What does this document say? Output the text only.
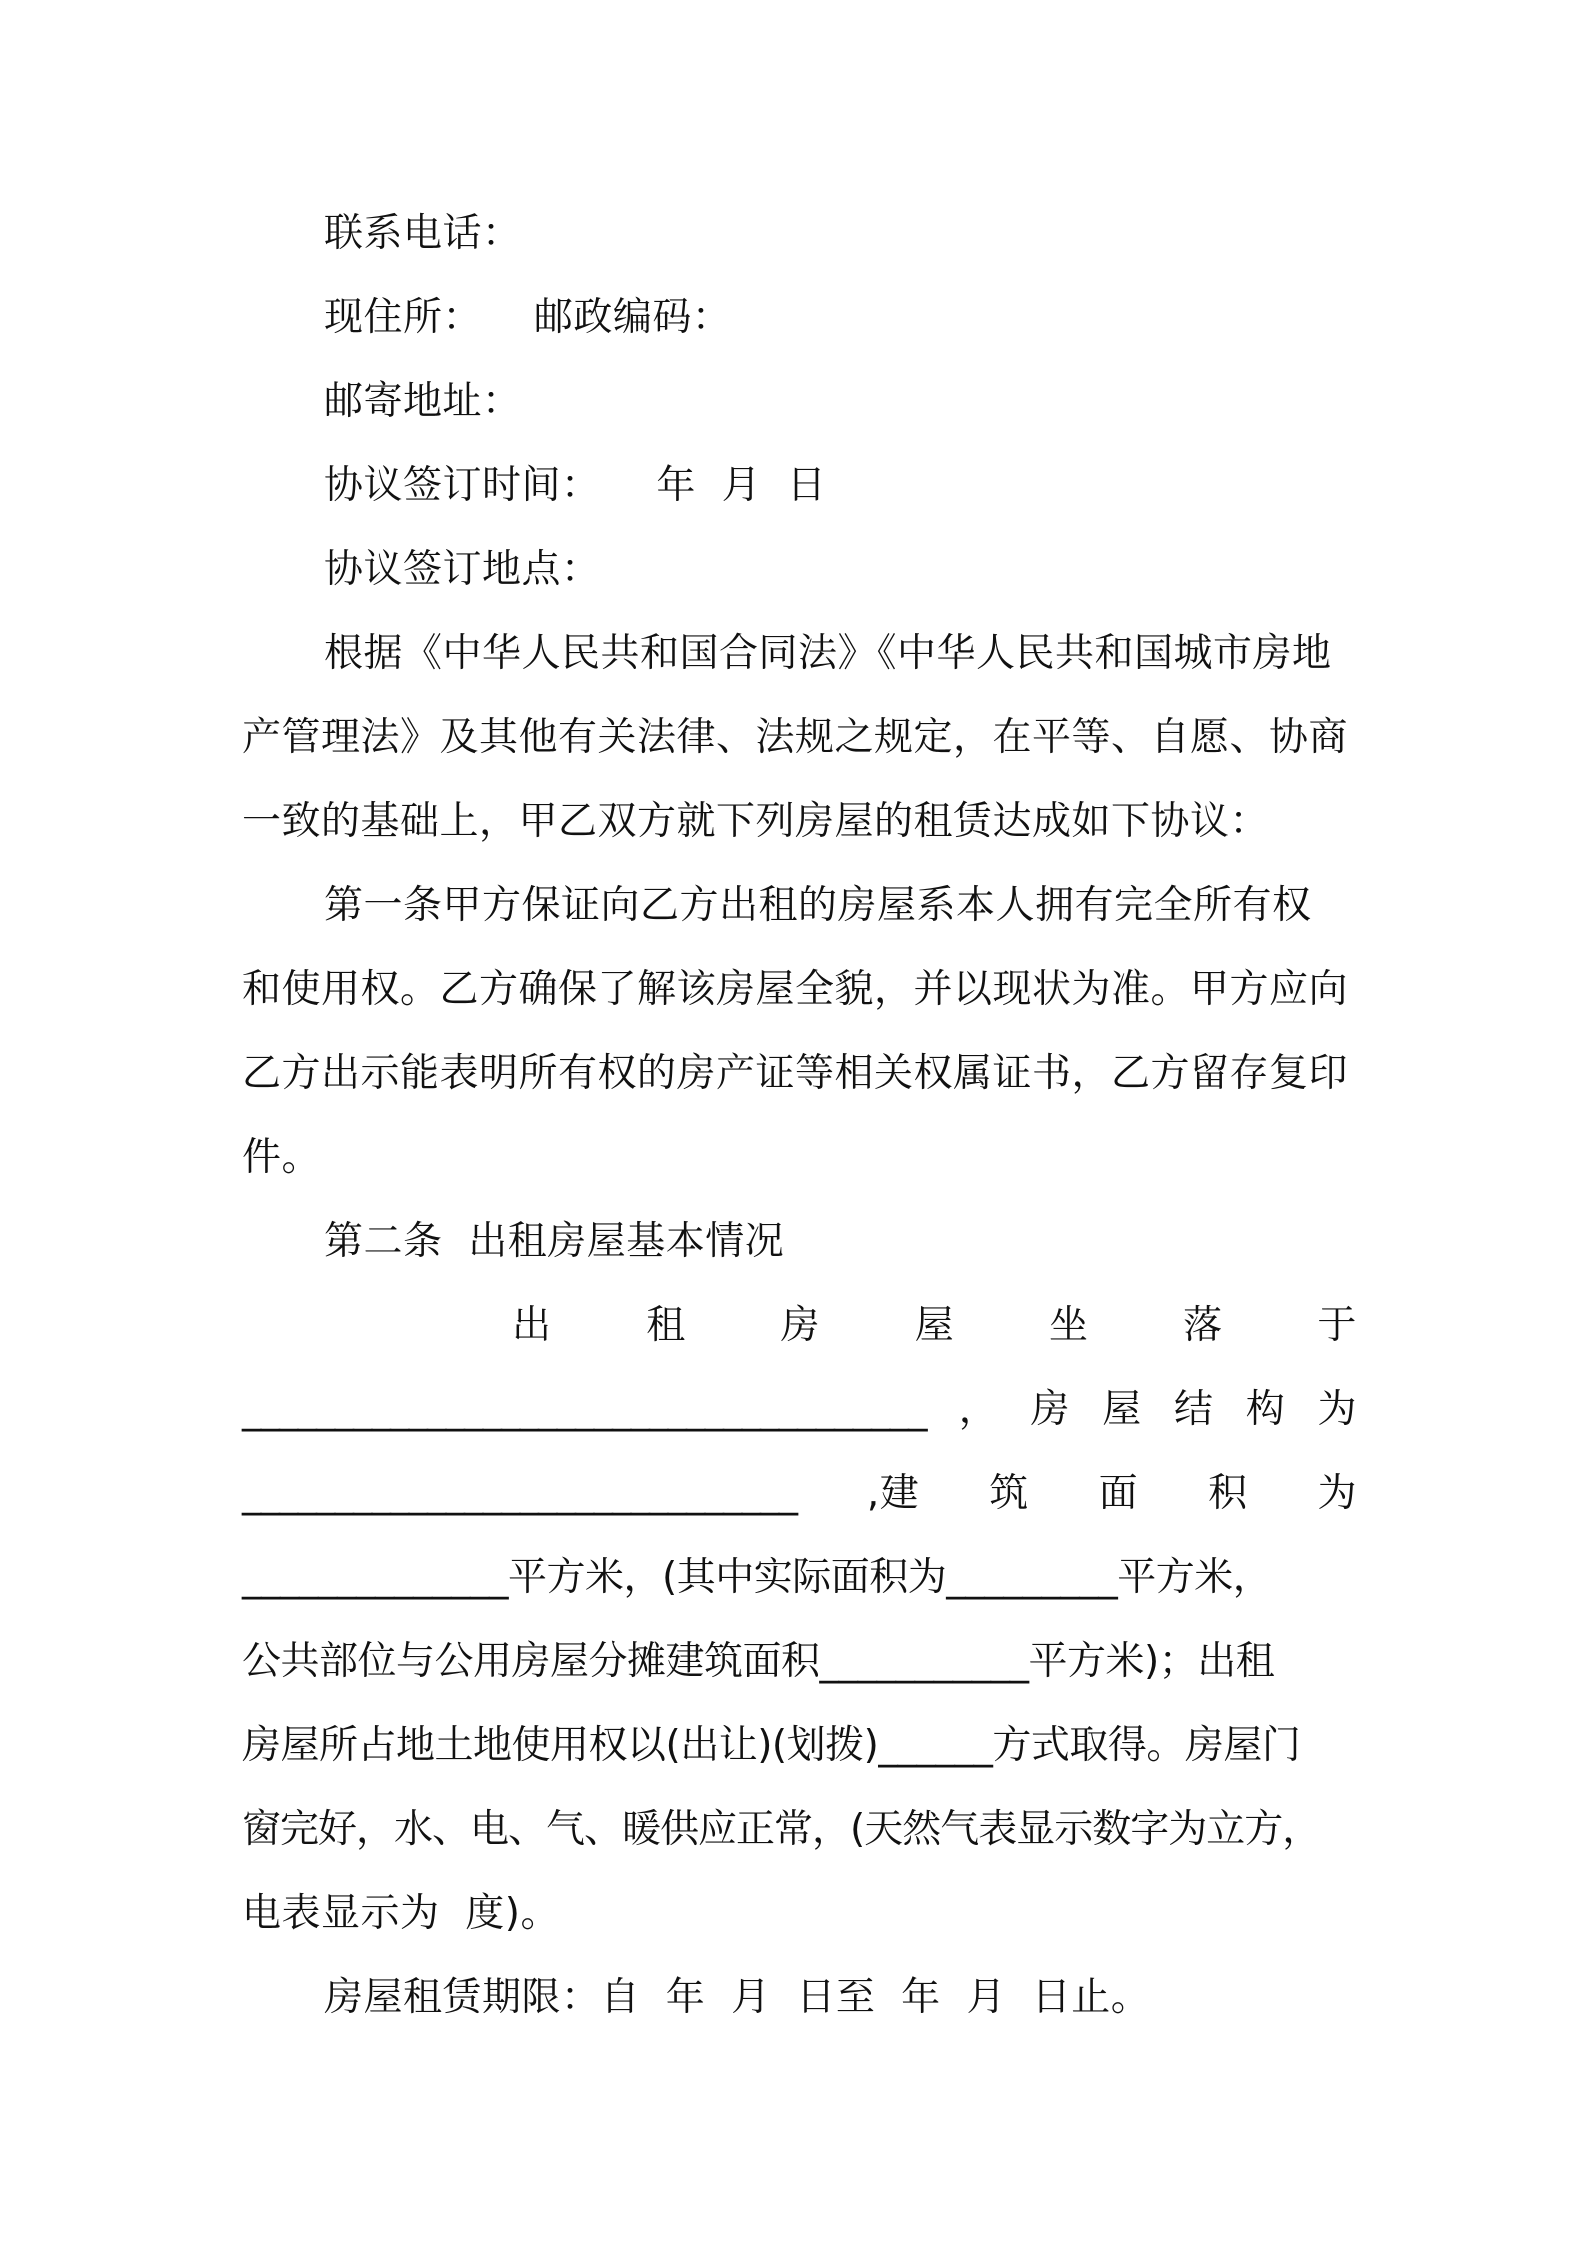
联系电话：
现住所： 邮政编码：
邮寄地址：
协议签订时间： 年  月  日
协议签订地点：
根据《中华人民共和国合同法》《中华人民共和国城市房地
产管理法》及其他有关法律、法规之规定，在平等、自愿、协商
一致的基础上，甲乙双方就下列房屋的租赁达成如下协议：
第一条甲方保证向乙方出租的房屋系本人拥有完全所有权
和使用权。乙方确保了解该房屋全貌，并以现状为准。甲方应向
乙方出示能表明所有权的房产证等相关权属证书，乙方留存复印
件。
第二条  出租房屋基本情况
出 租 房 屋 坐 落 于
_____________________________________ ， 房 屋 结 构 为
______________________________ ,建 筑 面 积 为
______________平方米，(其中实际面积为_________平方米，
公共部位与公用房屋分摊建筑面积___________平方米)；出租
房屋所占地土地使用权以(出让)(划拨)______方式取得。房屋门
窗完好，水、电、气、暖供应正常，(天然气表显示数字为立方，
电表显示为  度)。
房屋租赁期限：自  年  月  日至  年  月  日止。
